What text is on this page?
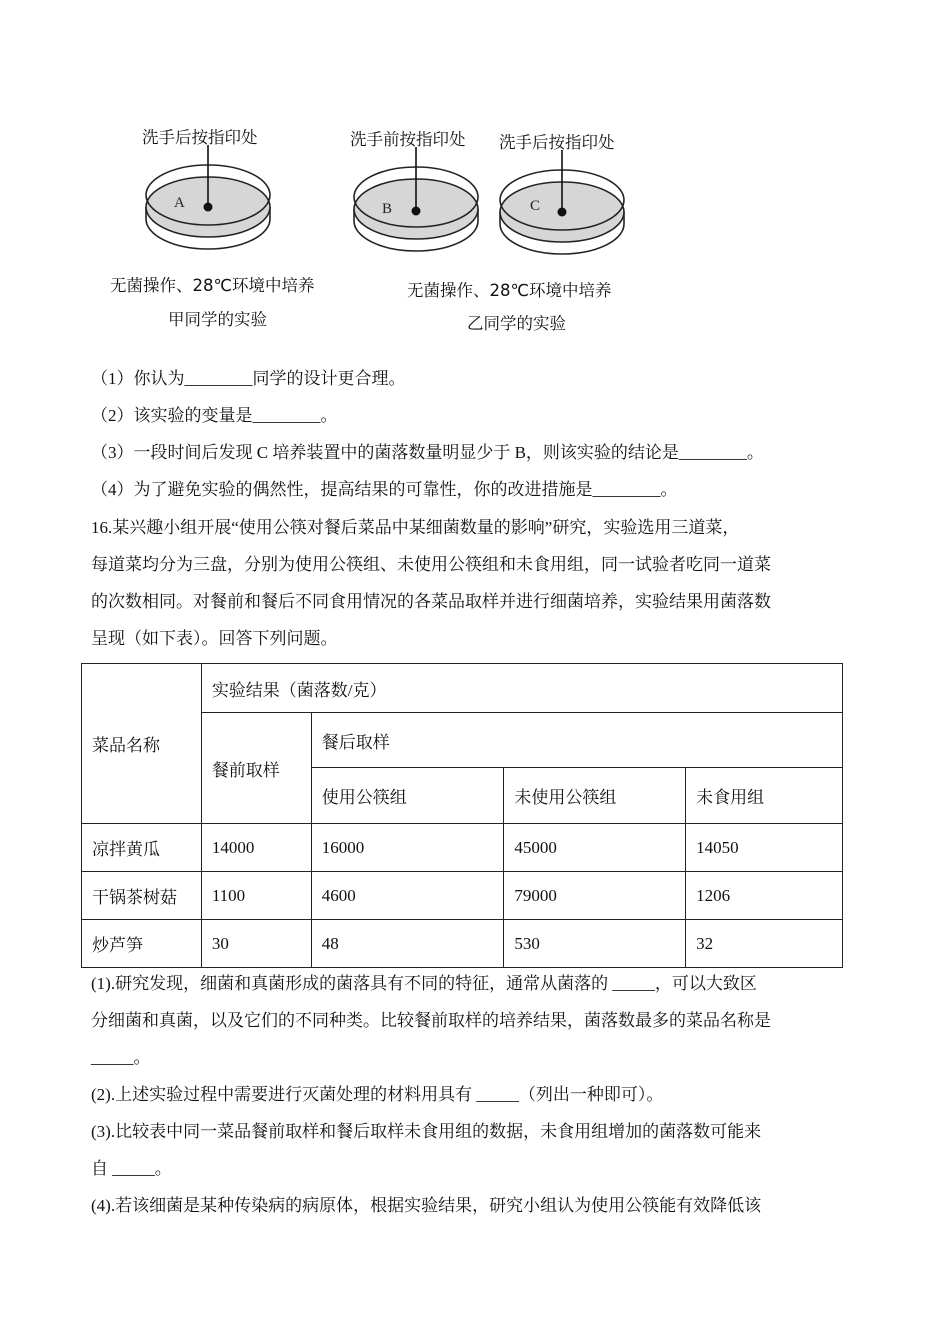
洗手后按指印处
A
洗手前按指印处
B
洗手后按指印处
C
无菌操作、28℃环境中培养
甲同学的实验
无菌操作、28℃环境中培养
乙同学的实验
（1）你认为________同学的设计更合理。
（2）该实验的变量是________。
（3）一段时间后发现 C 培养装置中的菌落数量明显少于 B，则该实验的结论是________。
（4）为了避免实验的偶然性，提高结果的可靠性，你的改进措施是________。
16.某兴趣小组开展“使用公筷对餐后菜品中某细菌数量的影响”研究，实验选用三道菜，
每道菜均分为三盘，分别为使用公筷组、未使用公筷组和未食用组，同一试验者吃同一道菜
的次数相同。对餐前和餐后不同食用情况的各菜品取样并进行细菌培养，实验结果用菌落数
呈现（如下表）。回答下列问题。
菜品名称	实验结果（菌落数/克）			
	餐前取样	餐后取样		
		使用公筷组	未使用公筷组	未食用组
凉拌黄瓜	14000	16000	45000	14050
干锅茶树菇	1100	4600	79000	1206
炒芦笋	30	48	530	32
(1).研究发现，细菌和真菌形成的菌落具有不同的特征，通常从菌落的 _____，可以大致区
分细菌和真菌，以及它们的不同种类。比较餐前取样的培养结果，菌落数最多的菜品名称是
_____。
(2).上述实验过程中需要进行灭菌处理的材料用具有 _____（列出一种即可）。
(3).比较表中同一菜品餐前取样和餐后取样未食用组的数据，未食用组增加的菌落数可能来
自 _____。
(4).若该细菌是某种传染病的病原体，根据实验结果，研究小组认为使用公筷能有效降低该
